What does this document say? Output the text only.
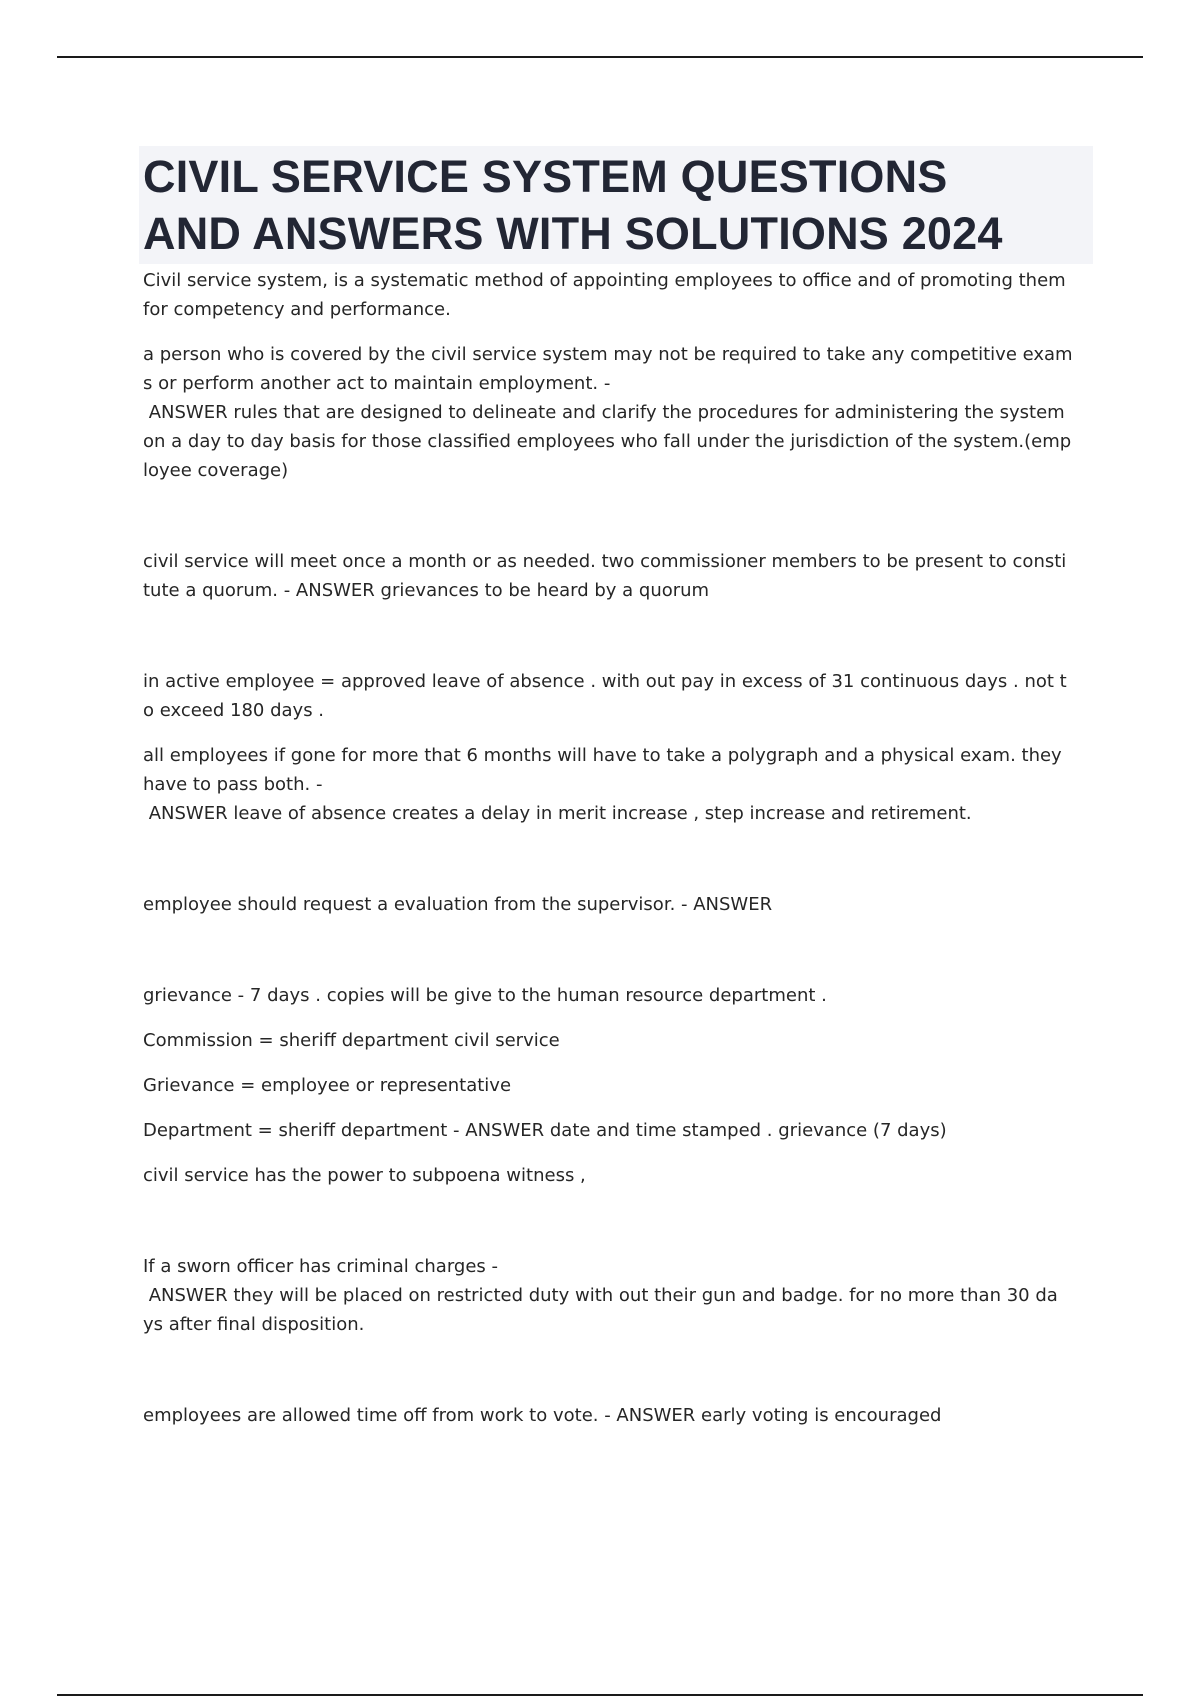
CIVIL SERVICE SYSTEM QUESTIONS
AND ANSWERS WITH SOLUTIONS 2024

Civil service system, is a systematic method of appointing employees to office and of promoting them
for competency and performance.

a person who is covered by the civil service system may not be required to take any competitive exam
s or perform another act to maintain employment. -
ANSWER rules that are designed to delineate and clarify the procedures for administering the system
on a day to day basis for those classified employees who fall under the jurisdiction of the system.(emp
loyee coverage)

civil service will meet once a month or as needed. two commissioner members to be present to consti
tute a quorum. - ANSWER grievances to be heard by a quorum

in active employee = approved leave of absence . with out pay in excess of 31 continuous days . not t
o exceed 180 days .

all employees if gone for more that 6 months will have to take a polygraph and a physical exam. they
have to pass both. -
ANSWER leave of absence creates a delay in merit increase , step increase and retirement.

employee should request a evaluation from the supervisor. - ANSWER

grievance - 7 days . copies will be give to the human resource department .

Commission = sheriff department civil service

Grievance = employee or representative

Department = sheriff department - ANSWER date and time stamped . grievance (7 days)

civil service has the power to subpoena witness ,

If a sworn officer has criminal charges -
ANSWER they will be placed on restricted duty with out their gun and badge. for no more than 30 da
ys after final disposition.

employees are allowed time off from work to vote. - ANSWER early voting is encouraged
